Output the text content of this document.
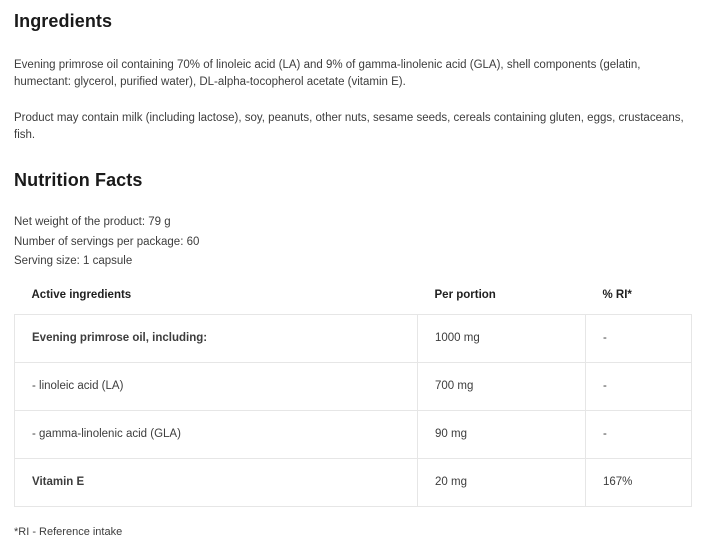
Ingredients

Evening primrose oil containing 70% of linoleic acid (LA) and 9% of gamma-linolenic acid (GLA), shell components (gelatin, humectant: glycerol, purified water), DL-alpha-tocopherol acetate (vitamin E).

Product may contain milk (including lactose), soy, peanuts, other nuts, sesame seeds, cereals containing gluten, eggs, crustaceans, fish.

Nutrition Facts
Net weight of the product: 79 g
Number of servings per package: 60
Serving size: 1 capsule
Active ingredients	Per portion	% RI*
Evening primrose oil, including:	1000 mg	-
- linoleic acid (LA)	700 mg	-
- gamma-linolenic acid (GLA)	90 mg	-
Vitamin E	20 mg	167%
*RI - Reference intake
